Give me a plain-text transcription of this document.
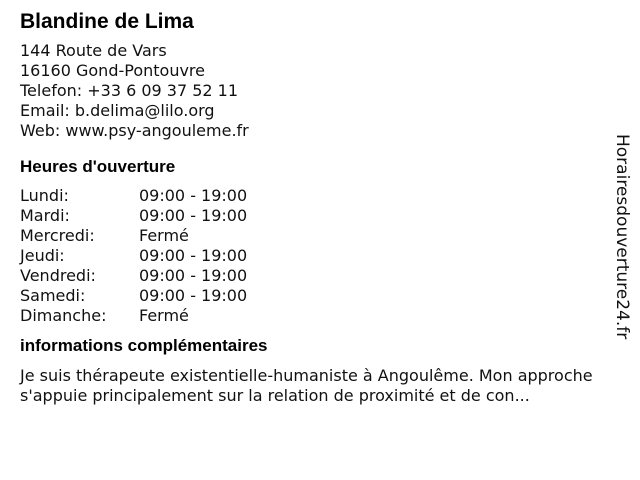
Blandine de Lima
144 Route de Vars
16160 Gond-Pontouvre
Telefon: +33 6 09 37 52 11
Email: b.delima@lilo.org
Web: www.psy-angouleme.fr
Heures d'ouverture
Lundi:	09:00 - 19:00
Mardi:	09:00 - 19:00
Mercredi:	Fermé
Jeudi:	09:00 - 19:00
Vendredi:	09:00 - 19:00
Samedi:	09:00 - 19:00
Dimanche:	Fermé
informations complémentaires
Je suis thérapeute existentielle-humaniste à Angoulême. Mon approche s'appuie principalement sur la relation de proximité et de con...
Horairesdouverture24.fr
